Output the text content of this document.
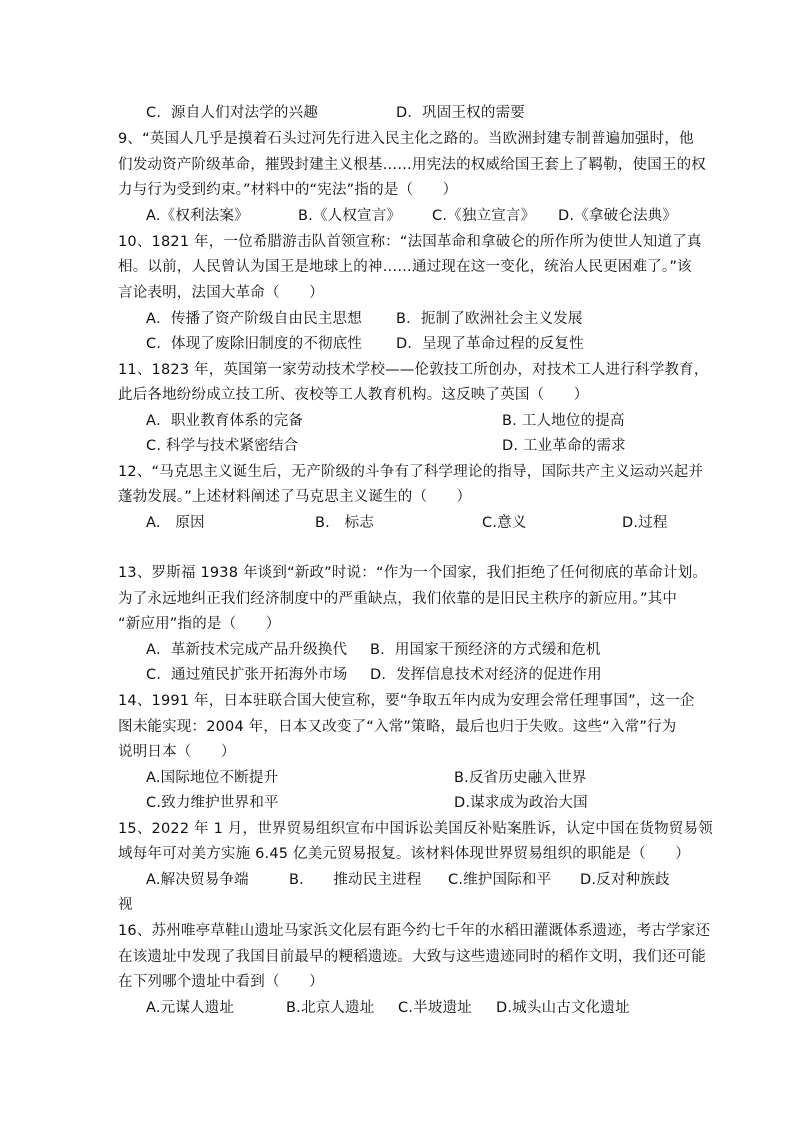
C．源自人们对法学的兴趣	D．巩固王权的需要
9、“英国人几乎是摸着石头过河先行进入民主化之路的。当欧洲封建专制普遍加强时，他
们发动资产阶级革命，摧毁封建主义根基……用宪法的权威给国王套上了羁勒，使国王的权
力与行为受到约束。”材料中的“宪法”指的是（　　）
A.《权利法案》	B.《人权宣言》 C.《独立宣言》 D.《拿破仑法典》
10、1821 年，一位希腊游击队首领宣称：“法国革命和拿破仑的所作所为使世人知道了真
相。以前，人民曾认为国王是地球上的神……通过现在这一变化，统治人民更困难了。”该
言论表明，法国大革命（　　）
A．传播了资产阶级自由民主思想 B．扼制了欧洲社会主义发展
C．体现了废除旧制度的不彻底性 D．呈现了革命过程的反复性
11、1823 年，英国第一家劳动技术学校——伦敦技工所创办，对技术工人进行科学教育，
此后各地纷纷成立技工所、夜校等工人教育机构。这反映了英国（　　）
A．职业教育体系的完备	B. 工人地位的提高
C. 科学与技术紧密结合	D. 工业革命的需求
12、“马克思主义诞生后，无产阶级的斗争有了科学理论的指导，国际共产主义运动兴起并
蓬勃发展。”上述材料阐述了马克思主义诞生的（　　）
A.　原因	B.　标志	C.意义	D.过程
13、罗斯福 1938 年谈到“新政”时说：“作为一个国家，我们拒绝了任何彻底的革命计划。
为了永远地纠正我们经济制度中的严重缺点，我们依靠的是旧民主秩序的新应用。”其中
“新应用”指的是（　　）
A．革新技术完成产品升级换代 B．用国家干预经济的方式缓和危机
C．通过殖民扩张开拓海外市场 D．发挥信息技术对经济的促进作用
14、1991 年，日本驻联合国大使宣称，要“争取五年内成为安理会常任理事国”，这一企
图未能实现：2004 年，日本又改变了“入常”策略，最后也归于失败。这些“入常”行为
说明日本（　　）
A.国际地位不断提升	B.反省历史融入世界
C.致力维护世界和平	D.谋求成为政治大国
15、2022 年 1 月，世界贸易组织宣布中国诉讼美国反补贴案胜诉，认定中国在货物贸易领
域每年可对美方实施 6.45 亿美元贸易报复。该材料体现世界贸易组织的职能是（　　）
A.解决贸易争端	B.　　推动民主进程 C.维护国际和平 D.反对种族歧
视
16、苏州唯亭草鞋山遗址马家浜文化层有距今约七千年的水稻田灌溉体系遗迹，考古学家还
在该遗址中发现了我国目前最早的粳稻遗迹。大致与这些遗迹同时的稻作文明，我们还可能
在下列哪个遗址中看到（　　）
A.元谋人遗址	B.北京人遗址 C.半坡遗址 D.城头山古文化遗址
